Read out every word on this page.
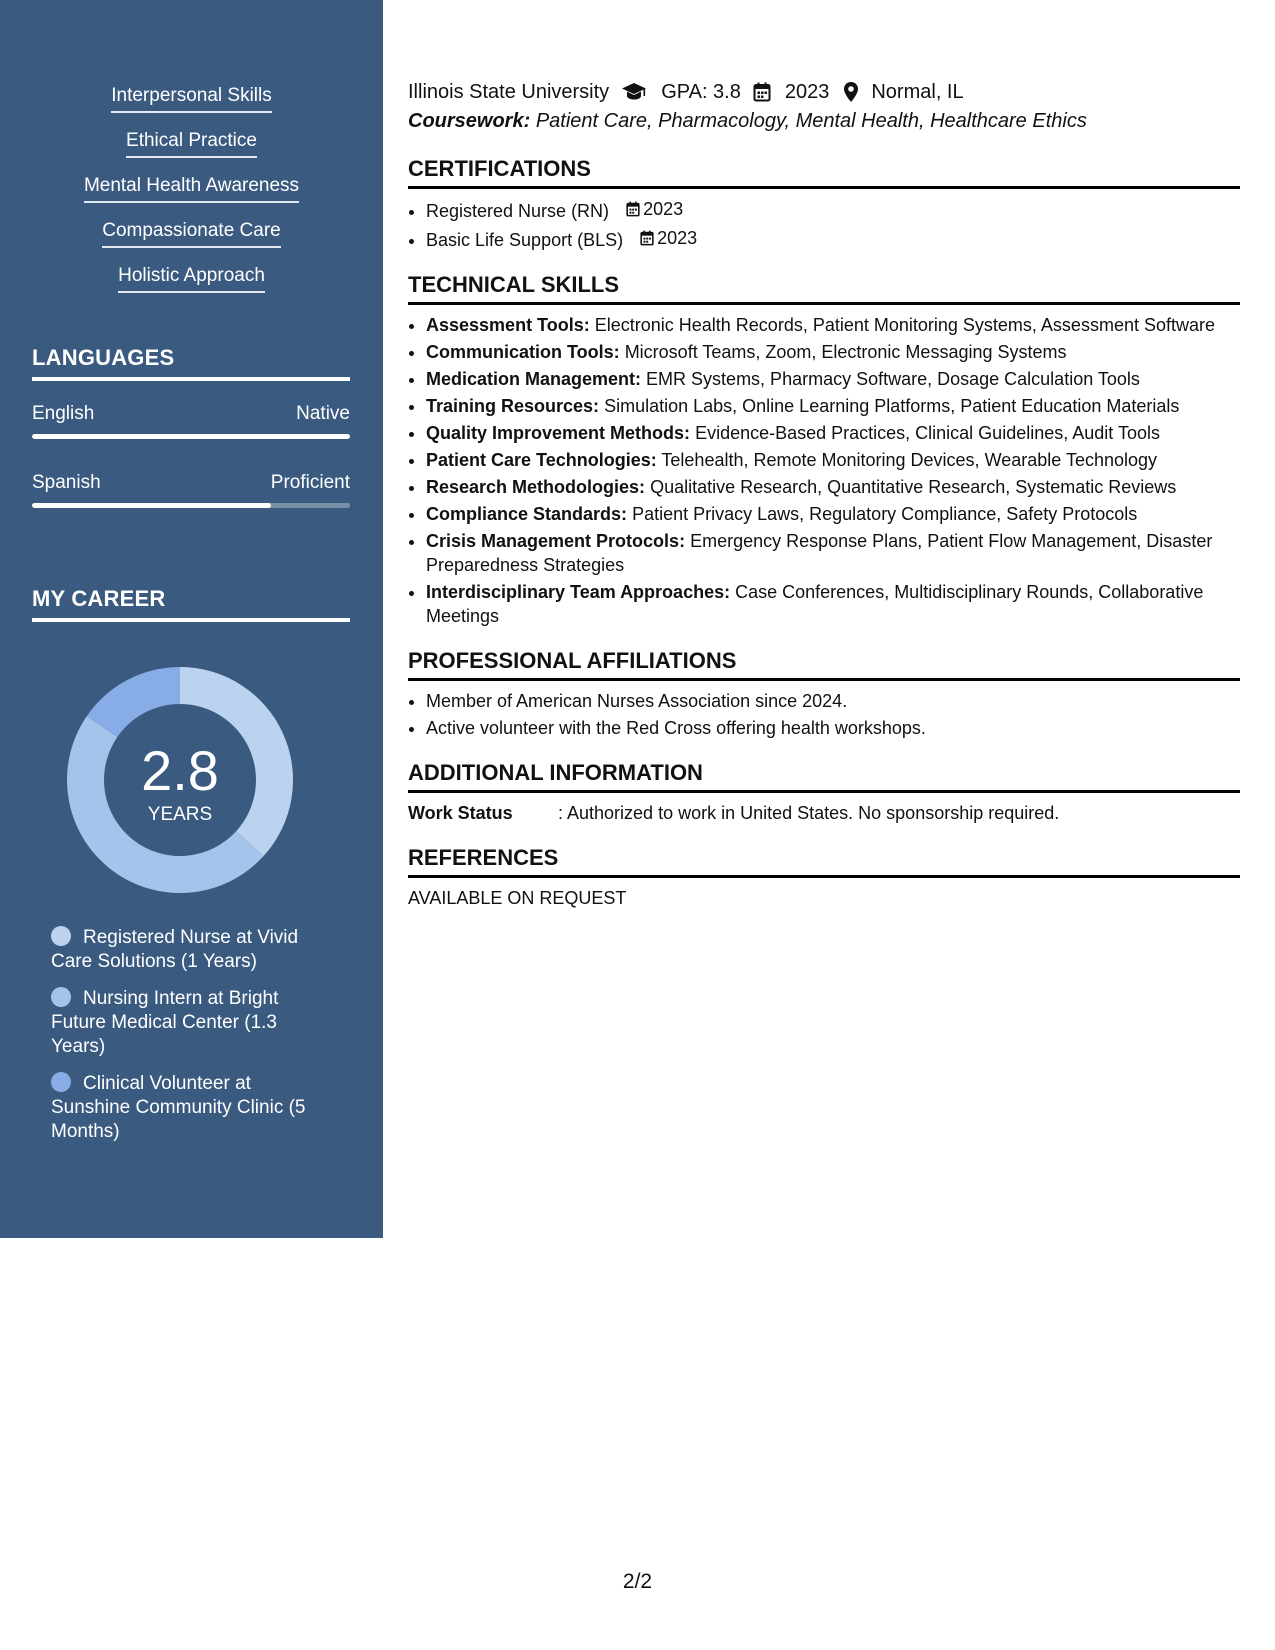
Interpersonal Skills
Ethical Practice
Mental Health Awareness
Compassionate Care
Holistic Approach
LANGUAGES
English	Native
Spanish	Proficient
MY CAREER
2.8
YEARS
Registered Nurse at Vivid Care Solutions (1 Years)
Nursing Intern at Bright Future Medical Center (1.3 Years)
Clinical Volunteer at Sunshine Community Clinic (5 Months)
Illinois State University	GPA: 3.8 2023 Normal, IL
Coursework: Patient Care, Pharmacology, Mental Health, Healthcare Ethics
CERTIFICATIONS
• Registered Nurse (RN) 2023
• Basic Life Support (BLS) 2023
TECHNICAL SKILLS
• Assessment Tools: Electronic Health Records, Patient Monitoring Systems, Assessment Software
• Communication Tools: Microsoft Teams, Zoom, Electronic Messaging Systems
• Medication Management: EMR Systems, Pharmacy Software, Dosage Calculation Tools
• Training Resources: Simulation Labs, Online Learning Platforms, Patient Education Materials
• Quality Improvement Methods: Evidence-Based Practices, Clinical Guidelines, Audit Tools
• Patient Care Technologies: Telehealth, Remote Monitoring Devices, Wearable Technology
• Research Methodologies: Qualitative Research, Quantitative Research, Systematic Reviews
• Compliance Standards: Patient Privacy Laws, Regulatory Compliance, Safety Protocols
• Crisis Management Protocols: Emergency Response Plans, Patient Flow Management, Disaster Preparedness Strategies
• Interdisciplinary Team Approaches: Case Conferences, Multidisciplinary Rounds, Collaborative Meetings
PROFESSIONAL AFFILIATIONS
• Member of American Nurses Association since 2024.
• Active volunteer with the Red Cross offering health workshops.
ADDITIONAL INFORMATION
Work Status	: Authorized to work in United States. No sponsorship required.
REFERENCES
AVAILABLE ON REQUEST
2/2
